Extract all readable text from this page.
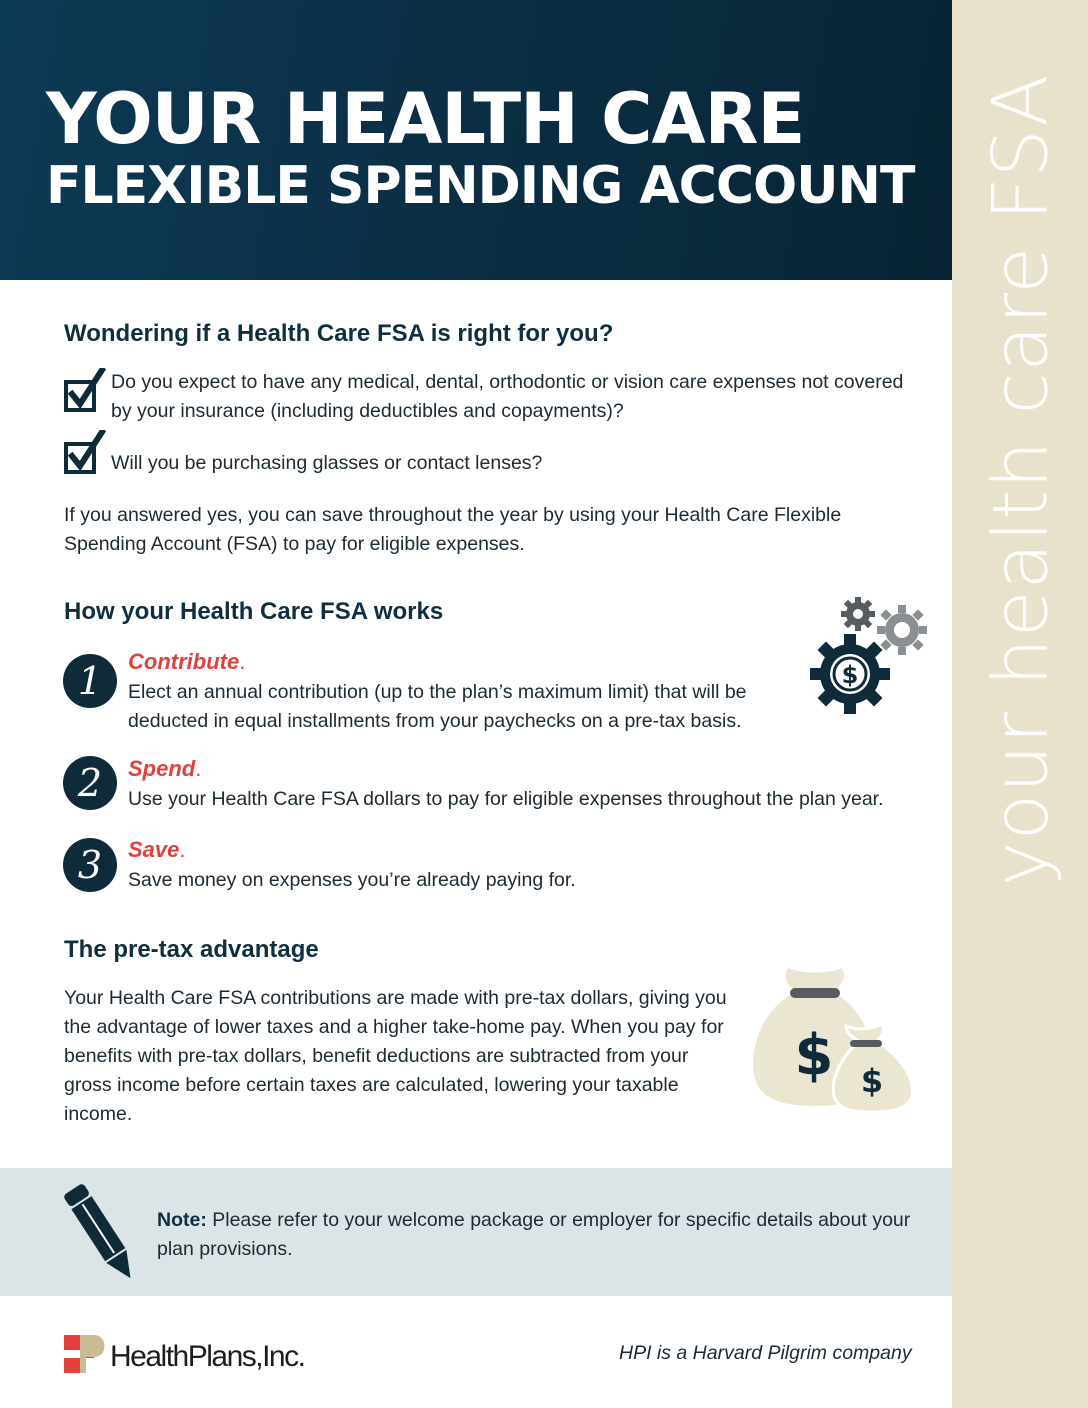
YOUR HEALTH CARE
FLEXIBLE SPENDING ACCOUNT your health care FSA
Wondering if a Health Care FSA is right for you?
Do you expect to have any medical, dental, orthodontic or vision care expenses not covered by your insurance (including deductibles and copayments)?
Will you be purchasing glasses or contact lenses?
If you answered yes, you can save throughout the year by using your Health Care Flexible Spending Account (FSA) to pay for eligible expenses.
How your Health Care FSA works
$
1	Contribute.
Elect an annual contribution (up to the plan’s maximum limit) that will be deducted in equal installments from your paychecks on a pre-tax basis.
2	Spend.
Use your Health Care FSA dollars to pay for eligible expenses throughout the plan year.
3	Save.
Save money on expenses you’re already paying for.
The pre-tax advantage
Your Health Care FSA contributions are made with pre-tax dollars, giving you the advantage of lower taxes and a higher take-home pay. When you pay for benefits with pre-tax dollars, benefit deductions are subtracted from your gross income before certain taxes are calculated, lowering your taxable income.
$ $
Note: Please refer to your welcome package or employer for specific details about your plan provisions.
HealthPlans,Inc.	HPI is a Harvard Pilgrim company
